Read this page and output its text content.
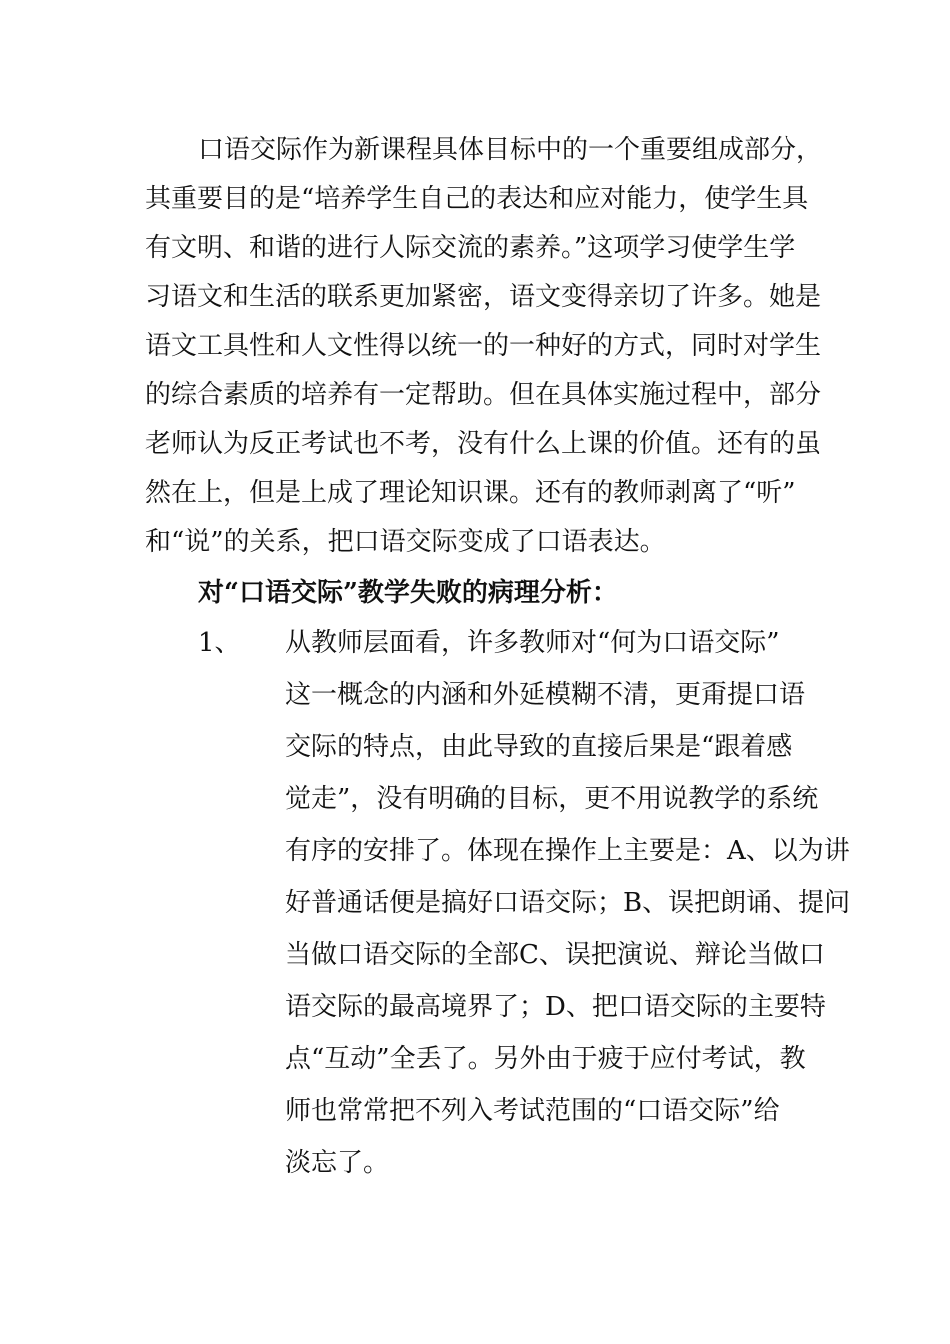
口语交际作为新课程具体目标中的一个重要组成部分，
其重要目的是“培养学生自己的表达和应对能力，使学生具
有文明、和谐的进行人际交流的素养。”这项学习使学生学
习语文和生活的联系更加紧密，语文变得亲切了许多。她是
语文工具性和人文性得以统一的一种好的方式，同时对学生
的综合素质的培养有一定帮助。但在具体实施过程中，部分
老师认为反正考试也不考，没有什么上课的价值。还有的虽
然在上，但是上成了理论知识课。还有的教师剥离了“听”
和“说”的关系，把口语交际变成了口语表达。
对“口语交际”教学失败的病理分析：
1、 从教师层面看，许多教师对“何为口语交际”
这一概念的内涵和外延模糊不清，更甭提口语
交际的特点，由此导致的直接后果是“跟着感
觉走”，没有明确的目标，更不用说教学的系统
有序的安排了。体现在操作上主要是：A、以为讲
好普通话便是搞好口语交际；B、误把朗诵、提问
当做口语交际的全部C、误把演说、辩论当做口
语交际的最高境界了；D、把口语交际的主要特
点“互动”全丢了。另外由于疲于应付考试，教
师也常常把不列入考试范围的“口语交际”给
淡忘了。
